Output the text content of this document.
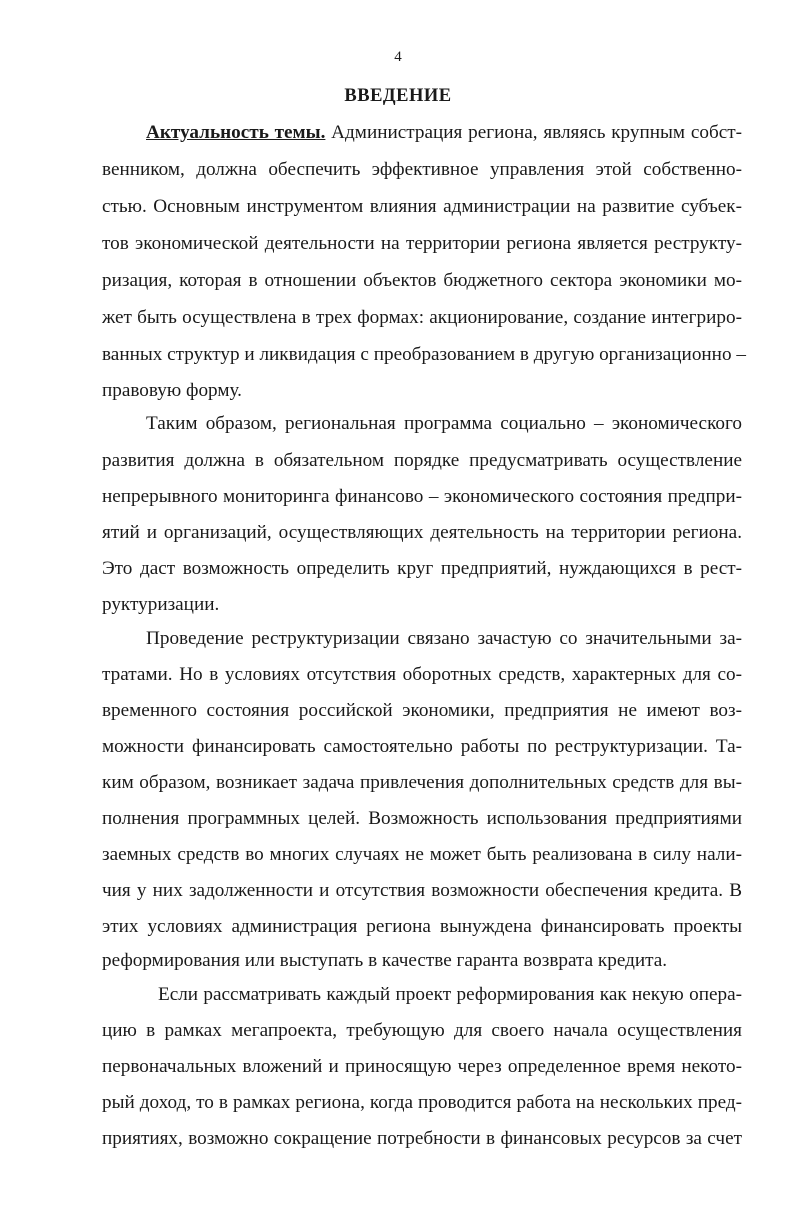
4
ВВЕДЕНИЕ
Актуальность темы. Администрация региона, являясь крупным собст-
венником, должна обеспечить эффективное управления этой собственно-
стью. Основным инструментом влияния администрации на развитие субъек-
тов экономической деятельности на территории региона является реструкту-
ризация, которая в отношении объектов бюджетного сектора экономики мо-
жет быть осуществлена в трех формах: акционирование, создание интегриро-
ванных структур и ликвидация с преобразованием в другую организационно –
правовую форму.
Таким образом, региональная программа социально – экономического
развития должна в обязательном порядке предусматривать осуществление
непрерывного мониторинга финансово – экономического состояния предпри-
ятий и организаций, осуществляющих деятельность на территории региона.
Это даст возможность определить круг предприятий, нуждающихся в рест-
руктуризации.
Проведение реструктуризации связано зачастую со значительными за-
тратами. Но в условиях отсутствия оборотных средств, характерных для со-
временного состояния российской экономики, предприятия не имеют воз-
можности финансировать самостоятельно работы по реструктуризации. Та-
ким образом, возникает задача привлечения дополнительных средств для вы-
полнения программных целей. Возможность использования предприятиями
заемных средств во многих случаях не может быть реализована в силу нали-
чия у них задолженности и отсутствия возможности обеспечения кредита. В
этих условиях администрация региона вынуждена финансировать проекты
реформирования или выступать в качестве гаранта возврата кредита.
Если рассматривать каждый проект реформирования как некую опера-
цию в рамках мегапроекта, требующую для своего начала осуществления
первоначальных вложений и приносящую через определенное время некото-
рый доход, то в рамках региона, когда проводится работа на нескольких пред-
приятиях, возможно сокращение потребности в финансовых ресурсов за счет
